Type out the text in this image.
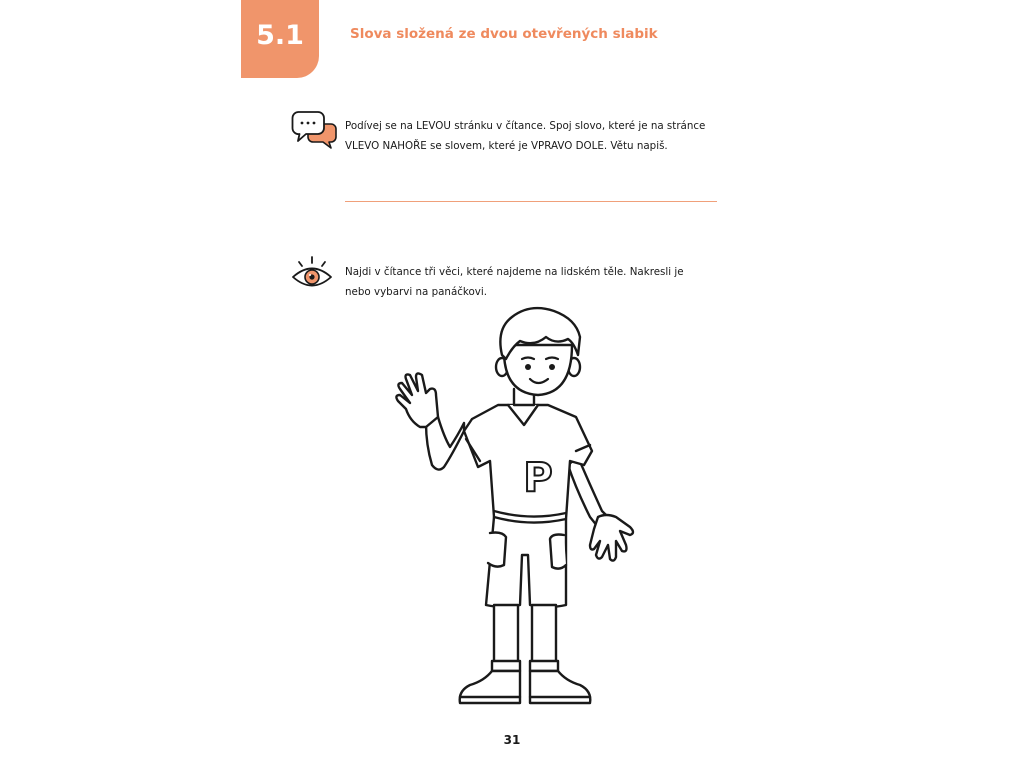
5.1	Slova složená ze dvou otevřených slabik
Podívej se na LEVOU stránku v čítance. Spoj slovo, které je na stránce
VLEVO NAHOŘE se slovem, které je VPRAVO DOLE. Větu napiš.
Najdi v čítance tři věci, které najdeme na lidském těle. Nakresli je
nebo vybarvi na panáčkovi.
P
31
